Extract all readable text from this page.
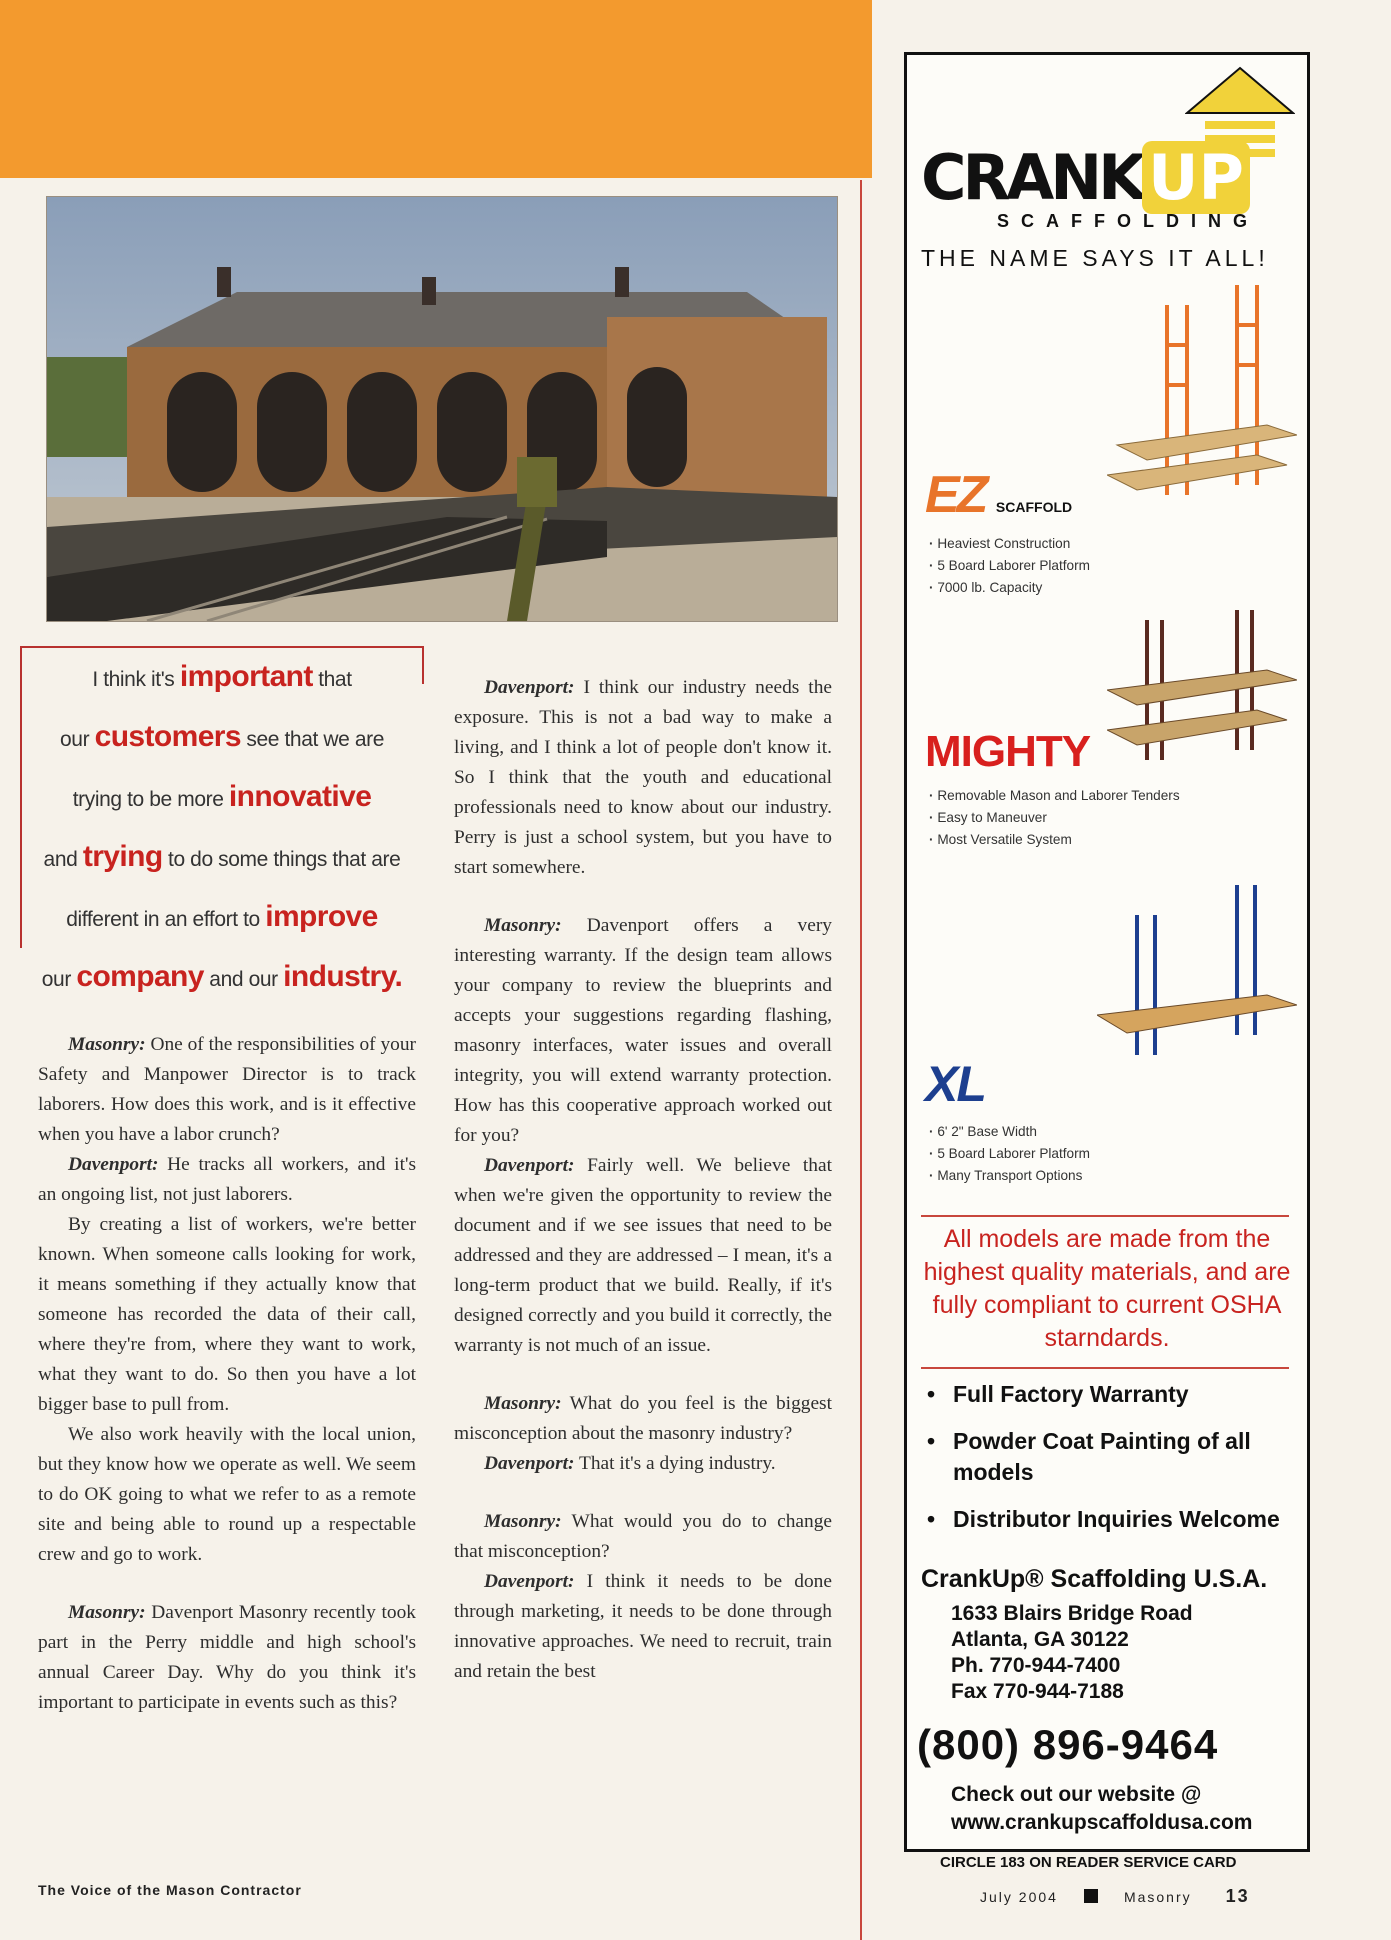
I think it's important that
our customers see that we are
trying to be more innovative
and trying to do some things that are
different in an effort to improve
our company and our industry.

Masonry: One of the responsibilities of your Safety and Manpower Director is to track laborers. How does this work, and is it effective when you have a labor crunch?

Davenport: He tracks all workers, and it's an ongoing list, not just laborers.

By creating a list of workers, we're better known. When someone calls looking for work, it means something if they actually know that someone has recorded the data of their call, where they're from, where they want to work, what they want to do. So then you have a lot bigger base to pull from.

We also work heavily with the local union, but they know how we operate as well. We seem to do OK going to what we refer to as a remote site and being able to round up a respectable crew and go to work.

Masonry: Davenport Masonry recently took part in the Perry middle and high school's annual Career Day. Why do you think it's important to participate in events such as this?

Davenport: I think our industry needs the exposure. This is not a bad way to make a living, and I think a lot of people don't know it. So I think that the youth and educational professionals need to know about our industry. Perry is just a school system, but you have to start somewhere.

Masonry: Davenport offers a very interesting warranty. If the design team allows your company to review the blueprints and accepts your suggestions regarding flashing, masonry interfaces, water issues and overall integrity, you will extend warranty protection. How has this cooperative approach worked out for you?

Davenport: Fairly well. We believe that when we're given the opportunity to review the document and if we see issues that need to be addressed and they are addressed – I mean, it's a long-term product that we build. Really, if it's designed correctly and you build it correctly, the warranty is not much of an issue.

Masonry: What do you feel is the biggest misconception about the masonry industry?

Davenport: That it's a dying industry.

Masonry: What would you do to change that misconception?

Davenport: I think it needs to be done through marketing, it needs to be done through innovative approaches. We need to recruit, train and retain the best

The Voice of the Mason Contractor	July 2004	Masonry 13
CRANKUP
SCAFFOLDING
THE NAME SAYS IT ALL!
EZ SCAFFOLD
· Heaviest Construction
· 5 Board Laborer Platform
· 7000 lb. Capacity
MIGHTY
· Removable Mason and Laborer Tenders
· Easy to Maneuver
· Most Versatile System
XL
· 6' 2" Base Width
· 5 Board Laborer Platform
· Many Transport Options
All models are made from the highest quality materials, and are fully compliant to current OSHA starndards.
• Full Factory Warranty
• Powder Coat Painting of all models
• Distributor Inquiries Welcome
CrankUp® Scaffolding U.S.A.
1633 Blairs Bridge Road
Atlanta, GA 30122
Ph. 770-944-7400
Fax 770-944-7188
(800) 896-9464
Check out our website @
www.crankupscaffoldusa.com
CIRCLE 183 ON READER SERVICE CARD
